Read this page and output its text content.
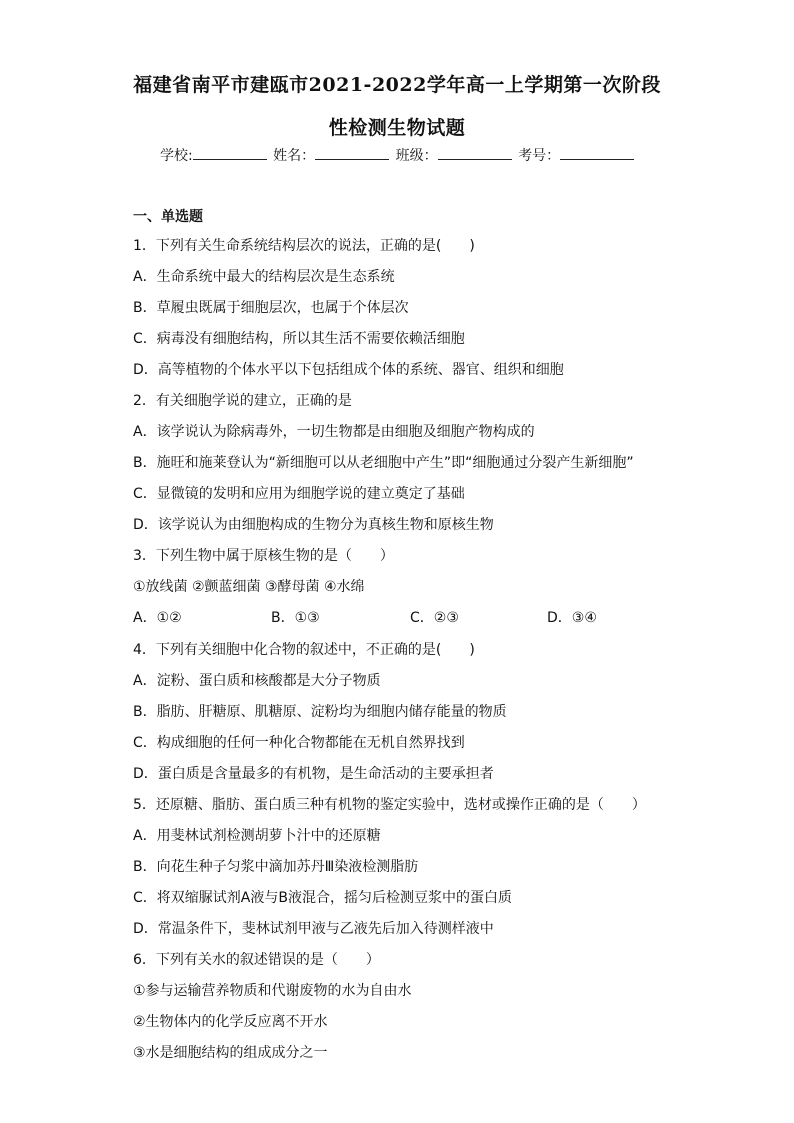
福建省南平市建瓯市2021-2022学年高一上学期第一次阶段
性检测生物试题
学校:	姓名：	班级：	考号：
一、单选题
1．下列有关生命系统结构层次的说法，正确的是(　　)
A．生命系统中最大的结构层次是生态系统
B．草履虫既属于细胞层次，也属于个体层次
C．病毒没有细胞结构，所以其生活不需要依赖活细胞
D．高等植物的个体水平以下包括组成个体的系统、器官、组织和细胞
2．有关细胞学说的建立，正确的是
A．该学说认为除病毒外，一切生物都是由细胞及细胞产物构成的
B．施旺和施莱登认为“新细胞可以从老细胞中产生”即“细胞通过分裂产生新细胞”
C．显微镜的发明和应用为细胞学说的建立奠定了基础
D．该学说认为由细胞构成的生物分为真核生物和原核生物
3．下列生物中属于原核生物的是（　　）
①放线菌 ②颤蓝细菌 ③酵母菌 ④水绵
A．①②	B．①③	C．②③	D．③④
4．下列有关细胞中化合物的叙述中，不正确的是(　　)
A．淀粉、蛋白质和核酸都是大分子物质
B．脂肪、肝糖原、肌糖原、淀粉均为细胞内储存能量的物质
C．构成细胞的任何一种化合物都能在无机自然界找到
D．蛋白质是含量最多的有机物，是生命活动的主要承担者
5．还原糖、脂肪、蛋白质三种有机物的鉴定实验中，选材或操作正确的是（　　）
A．用斐林试剂检测胡萝卜汁中的还原糖
B．向花生种子匀浆中滴加苏丹Ⅲ染液检测脂肪
C．将双缩脲试剂A液与B液混合，摇匀后检测豆浆中的蛋白质
D．常温条件下，斐林试剂甲液与乙液先后加入待测样液中
6．下列有关水的叙述错误的是（　　）
①参与运输营养物质和代谢废物的水为自由水
②生物体内的化学反应离不开水
③水是细胞结构的组成成分之一
